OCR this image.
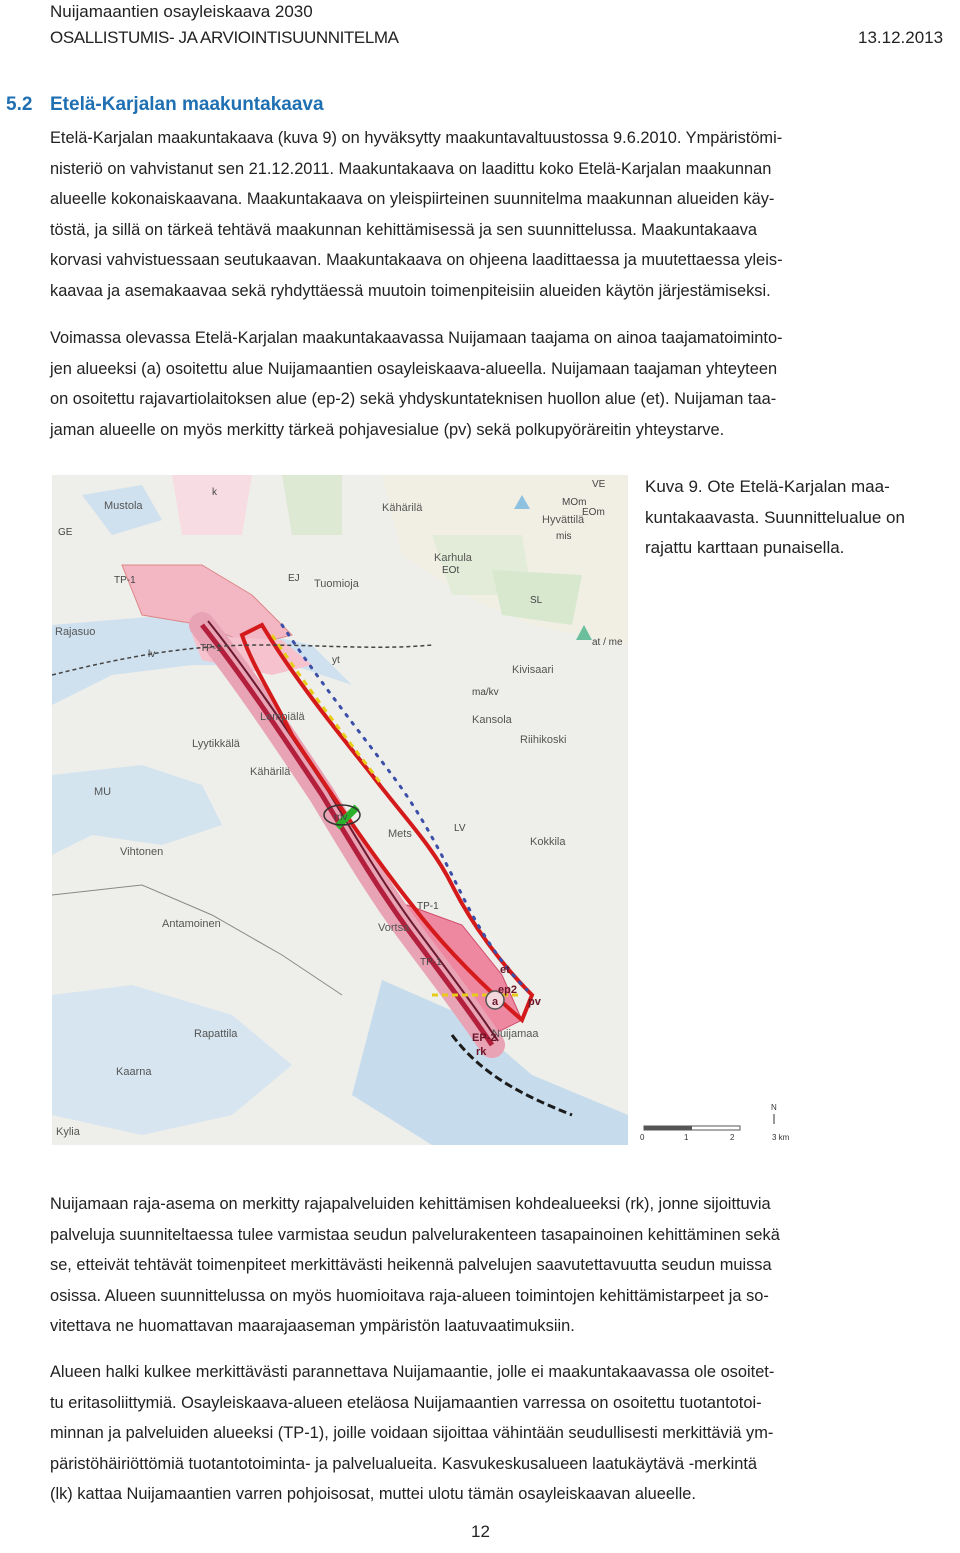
Nuijamaantien osayleiskaava 2030
OSALLISTUMIS- JA ARVIOINTISUUNNITELMA	13.12.2013
5.2 Etelä-Karjalan maakuntakaava
Etelä-Karjalan maakuntakaava (kuva 9) on hyväksytty maakuntavaltuustossa 9.6.2010. Ympäristömi-
nisteriö on vahvistanut sen 21.12.2011. Maakuntakaava on laadittu koko Etelä-Karjalan maakunnan
alueelle kokonaiskaavana. Maakuntakaava on yleispiirteinen suunnitelma maakunnan alueiden käy-
töstä, ja sillä on tärkeä tehtävä maakunnan kehittämisessä ja sen suunnittelussa. Maakuntakaava
korvasi vahvistuessaan seutukaavan. Maakuntakaava on ohjeena laadittaessa ja muutettaessa yleis-
kaavaa ja asemakaavaa sekä ryhdyttäessä muutoin toimenpiteisiin alueiden käytön järjestämiseksi.
Voimassa olevassa Etelä-Karjalan maakuntakaavassa Nuijamaan taajama on ainoa taajamatoiminto-
jen alueeksi (a) osoitettu alue Nuijamaantien osayleiskaava-alueella. Nuijamaan taajaman yhteyteen
on osoitettu rajavartiolaitoksen alue (ep-2) sekä yhdyskuntateknisen huollon alue (et). Nuijaman taa-
jaman alueelle on myös merkitty tärkeä pohjavesialue (pv) sekä polkupyöräreitin yhteystarve.
Mustola	Kähärilä
Hyvättilä
Karhula
Tuomioja
Kivisaari
Rajasuo
Lempiälä	Kansola
Riihikoski
Lyytikkälä
Kähärilä
MU
Vihtonen
Kokkila
Mets
Antamoinen	Vortsa
Rapattila
Kaarna
Nuijamaa
Kylia
TP-1
TP-1
TP-1
TP-1
EJ
EOt
SL
mv
LV
ma/kv
at / me
mis
GE
k
yt
lv
VE
MOm
EOm
et
ep2
a	pv
EP-2
rk
Kuva 9. Ote Etelä-Karjalan maa-
kuntakaavasta. Suunnittelualue on
rajattu karttaan punaisella.
N
0	1	2	3 km
Nuijamaan raja-asema on merkitty rajapalveluiden kehittämisen kohdealueeksi (rk), jonne sijoittuvia
palveluja suunniteltaessa tulee varmistaa seudun palvelurakenteen tasapainoinen kehittäminen sekä
se, etteivät tehtävät toimenpiteet merkittävästi heikennä palvelujen saavutettavuutta seudun muissa
osissa. Alueen suunnittelussa on myös huomioitava raja-alueen toimintojen kehittämistarpeet ja so-
vitettava ne huomattavan maarajaaseman ympäristön laatuvaatimuksiin.
Alueen halki kulkee merkittävästi parannettava Nuijamaantie, jolle ei maakuntakaavassa ole osoitet-
tu eritasoliittymiä. Osayleiskaava-alueen eteläosa Nuijamaantien varressa on osoitettu tuotantotoi-
minnan ja palveluiden alueeksi (TP-1), joille voidaan sijoittaa vähintään seudullisesti merkittäviä ym-
päristöhäiriöttömiä tuotantotoiminta- ja palvelualueita. Kasvukeskusalueen laatukäytävä -merkintä
(lk) kattaa Nuijamaantien varren pohjoisosat, muttei ulotu tämän osayleiskaavan alueelle.
12
